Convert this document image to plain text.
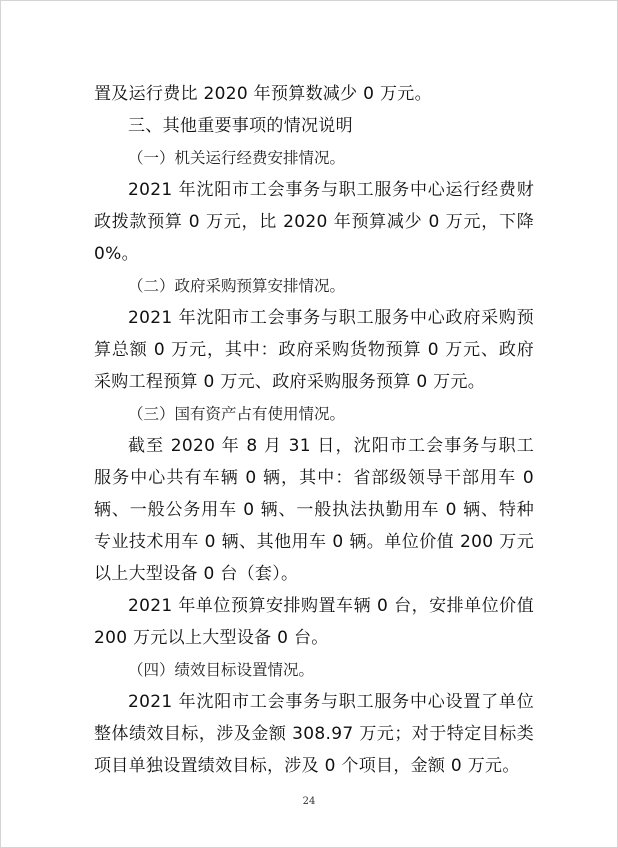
置及运行费比 2020 年预算数减少 0 万元。

三、其他重要事项的情况说明

（一）机关运行经费安排情况。

2021 年沈阳市工会事务与职工服务中心运行经费财政拨款预算 0 万元，比 2020 年预算减少 0 万元，下降 0%。

（二）政府采购预算安排情况。

2021 年沈阳市工会事务与职工服务中心政府采购预算总额 0 万元，其中：政府采购货物预算 0 万元、政府采购工程预算 0 万元、政府采购服务预算 0 万元。

（三）国有资产占有使用情况。

截至 2020 年 8 月 31 日，沈阳市工会事务与职工服务中心共有车辆 0 辆，其中：省部级领导干部用车 0 辆、一般公务用车 0 辆、一般执法执勤用车 0 辆、特种专业技术用车 0 辆、其他用车 0 辆。单位价值 200 万元以上大型设备 0 台（套）。

2021 年单位预算安排购置车辆 0 台，安排单位价值 200 万元以上大型设备 0 台。

（四）绩效目标设置情况。

2021 年沈阳市工会事务与职工服务中心设置了单位整体绩效目标，涉及金额 308.97 万元；对于特定目标类项目单独设置绩效目标，涉及 0 个项目，金额 0 万元。

24
